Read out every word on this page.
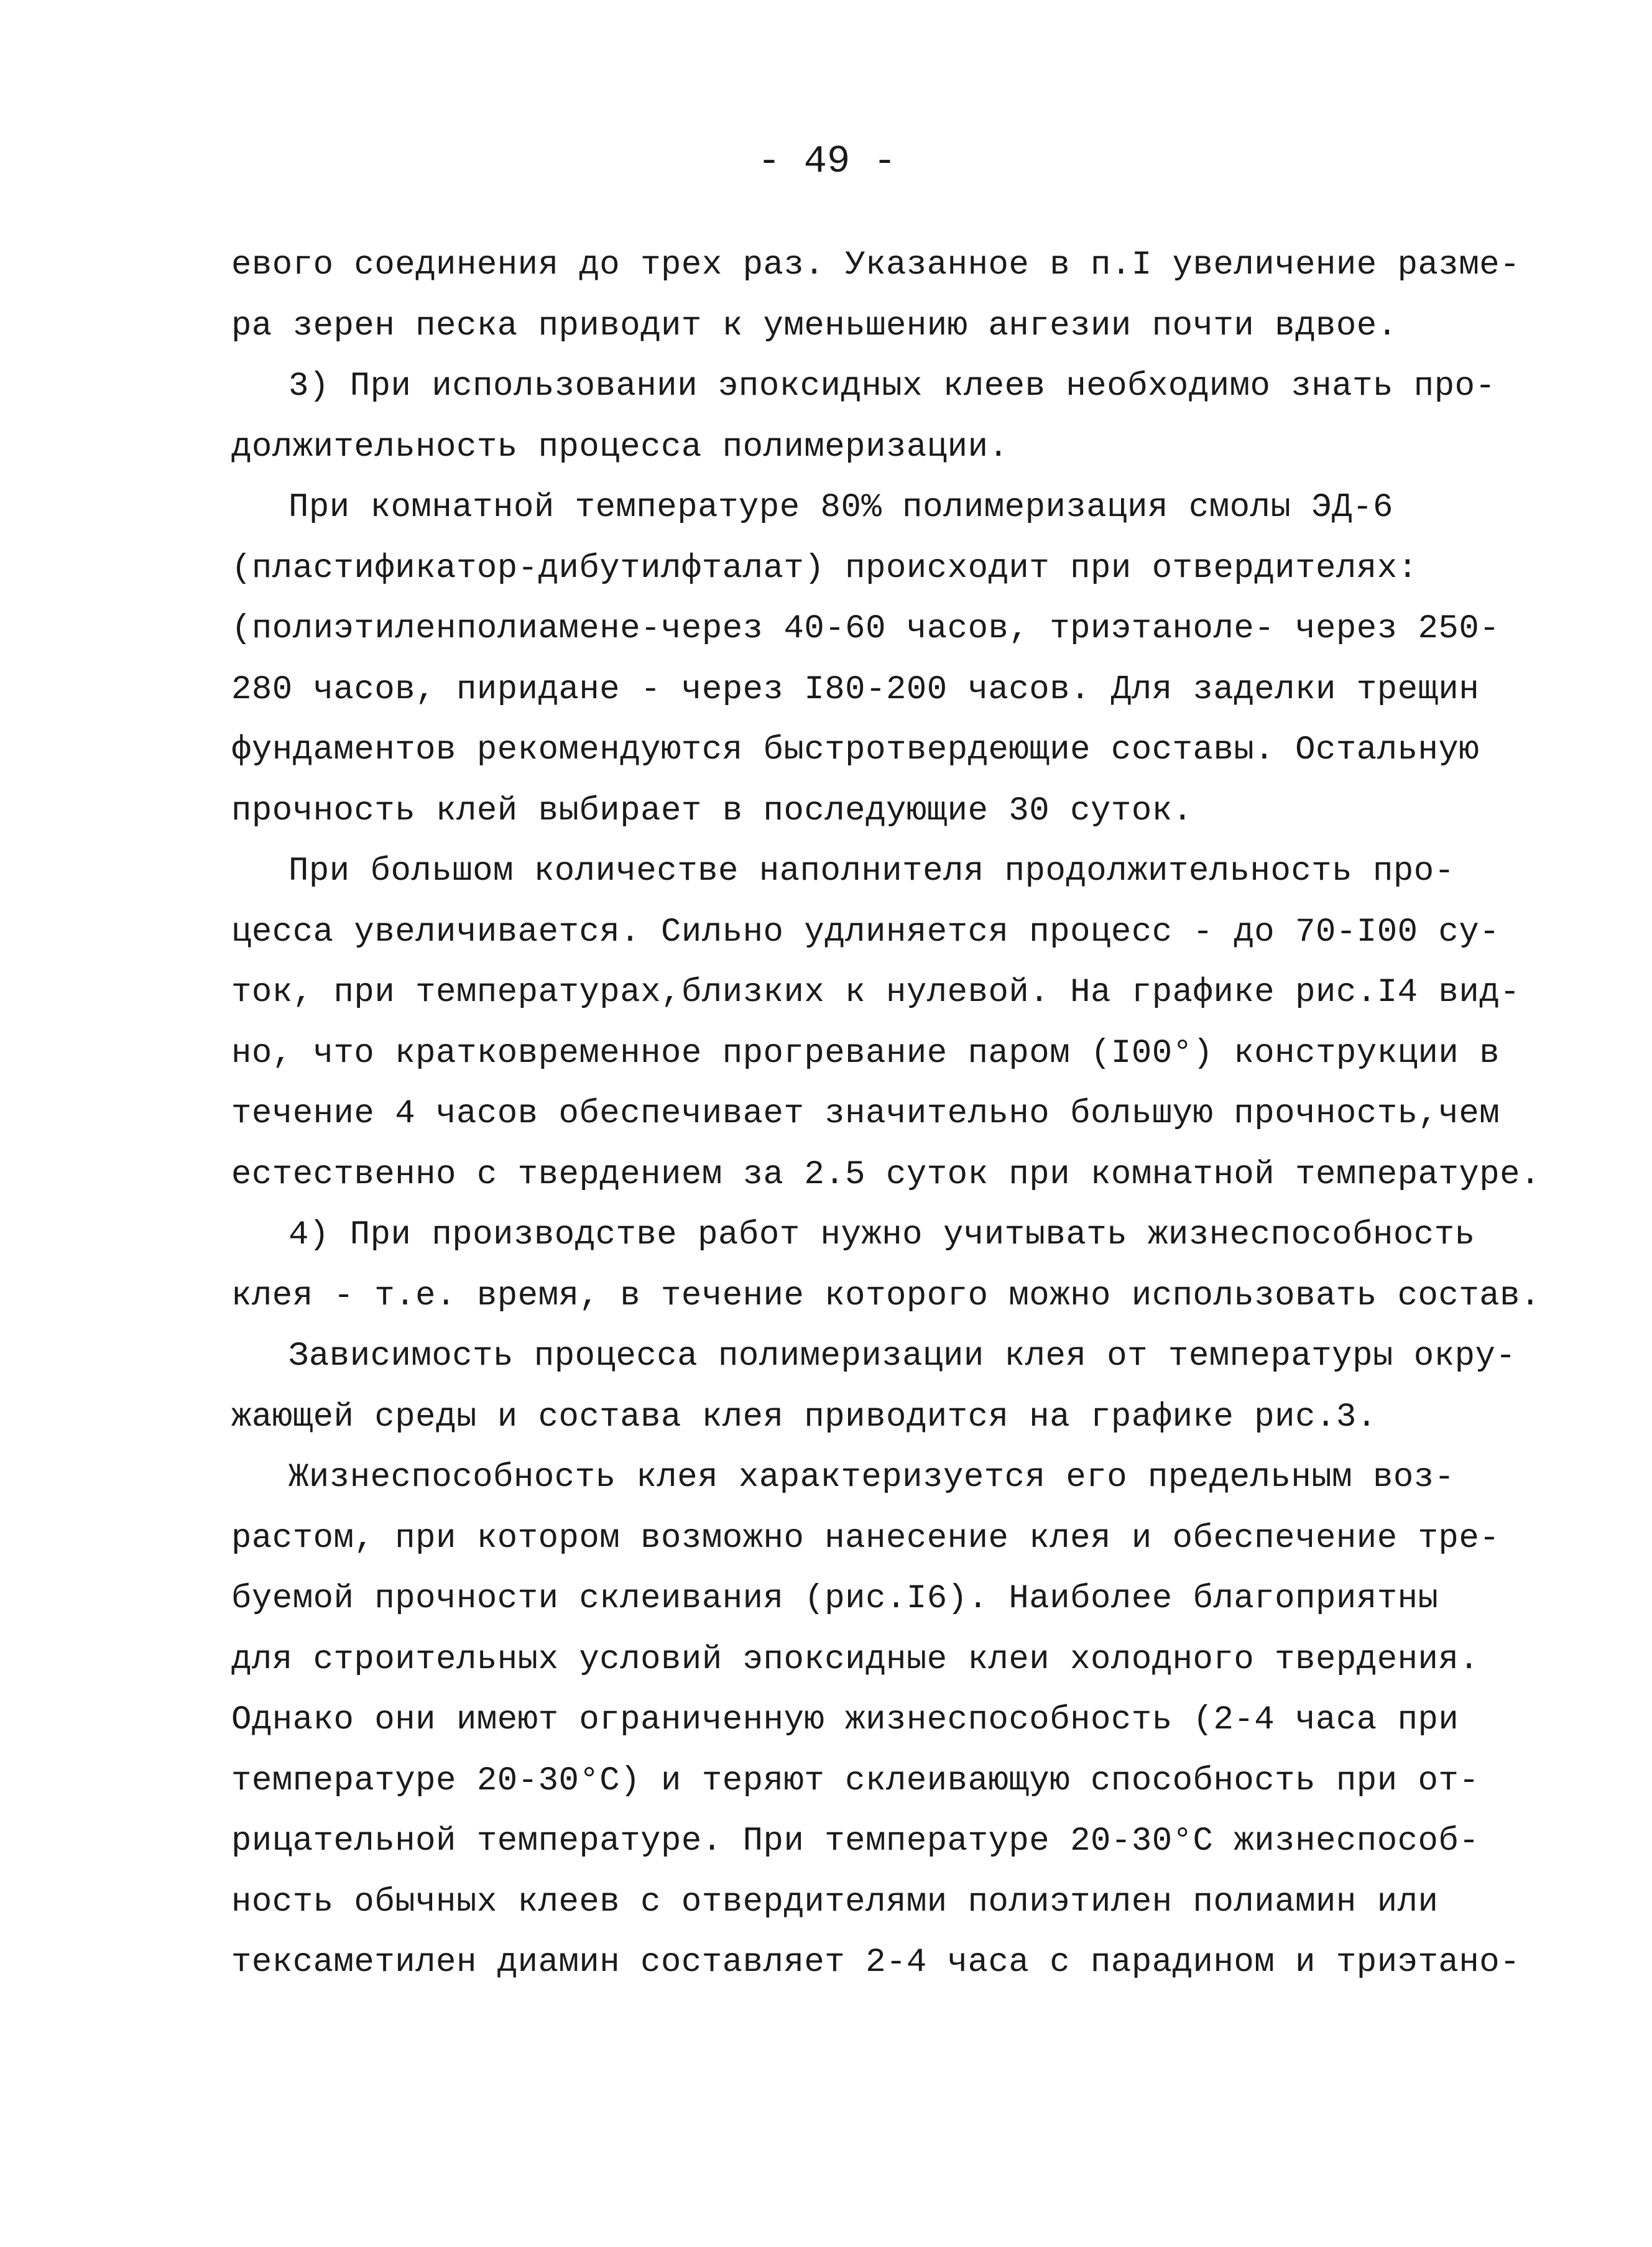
- 49 -
евого соединения до трех раз. Указанное в п.I увеличение разме-
ра зерен песка приводит к уменьшению ангезии почти вдвое.
3) При использовании эпоксидных клеев необходимо знать про-
должительность процесса полимеризации.
При комнатной температуре 80% полимеризация смолы ЭД-6
(пластификатор-дибутилфталат) происходит при отвердителях:
(полиэтиленполиамене-через 40-60 часов, триэтаноле- через 250-
280 часов, пиридане - через I80-200 часов. Для заделки трещин
фундаментов рекомендуются быстротвердеющие составы. Остальную
прочность клей выбирает в последующие 30 суток.
При большом количестве наполнителя продолжительность про-
цесса увеличивается. Сильно удлиняется процесс - до 70-I00 су-
ток, при температурах,близких к нулевой. На графике рис.I4 вид-
но, что кратковременное прогревание паром (I00°) конструкции в
течение 4 часов обеспечивает значительно большую прочность,чем
естественно с твердением за 2.5 суток при комнатной температуре.
4) При производстве работ нужно учитывать жизнеспособность
клея - т.е. время, в течение которого можно использовать состав.
Зависимость процесса полимеризации клея от температуры окру-
жающей среды и состава клея приводится на графике рис.3.
Жизнеспособность клея характеризуется его предельным воз-
растом, при котором возможно нанесение клея и обеспечение тре-
буемой прочности склеивания (рис.I6). Наиболее благоприятны
для строительных условий эпоксидные клеи холодного твердения.
Однако они имеют ограниченную жизнеспособность (2-4 часа при
температуре 20-30°С) и теряют склеивающую способность при от-
рицательной температуре. При температуре 20-30°С жизнеспособ-
ность обычных клеев с отвердителями полиэтилен полиамин или
тексаметилен диамин составляет 2-4 часа с парадином и триэтано-
